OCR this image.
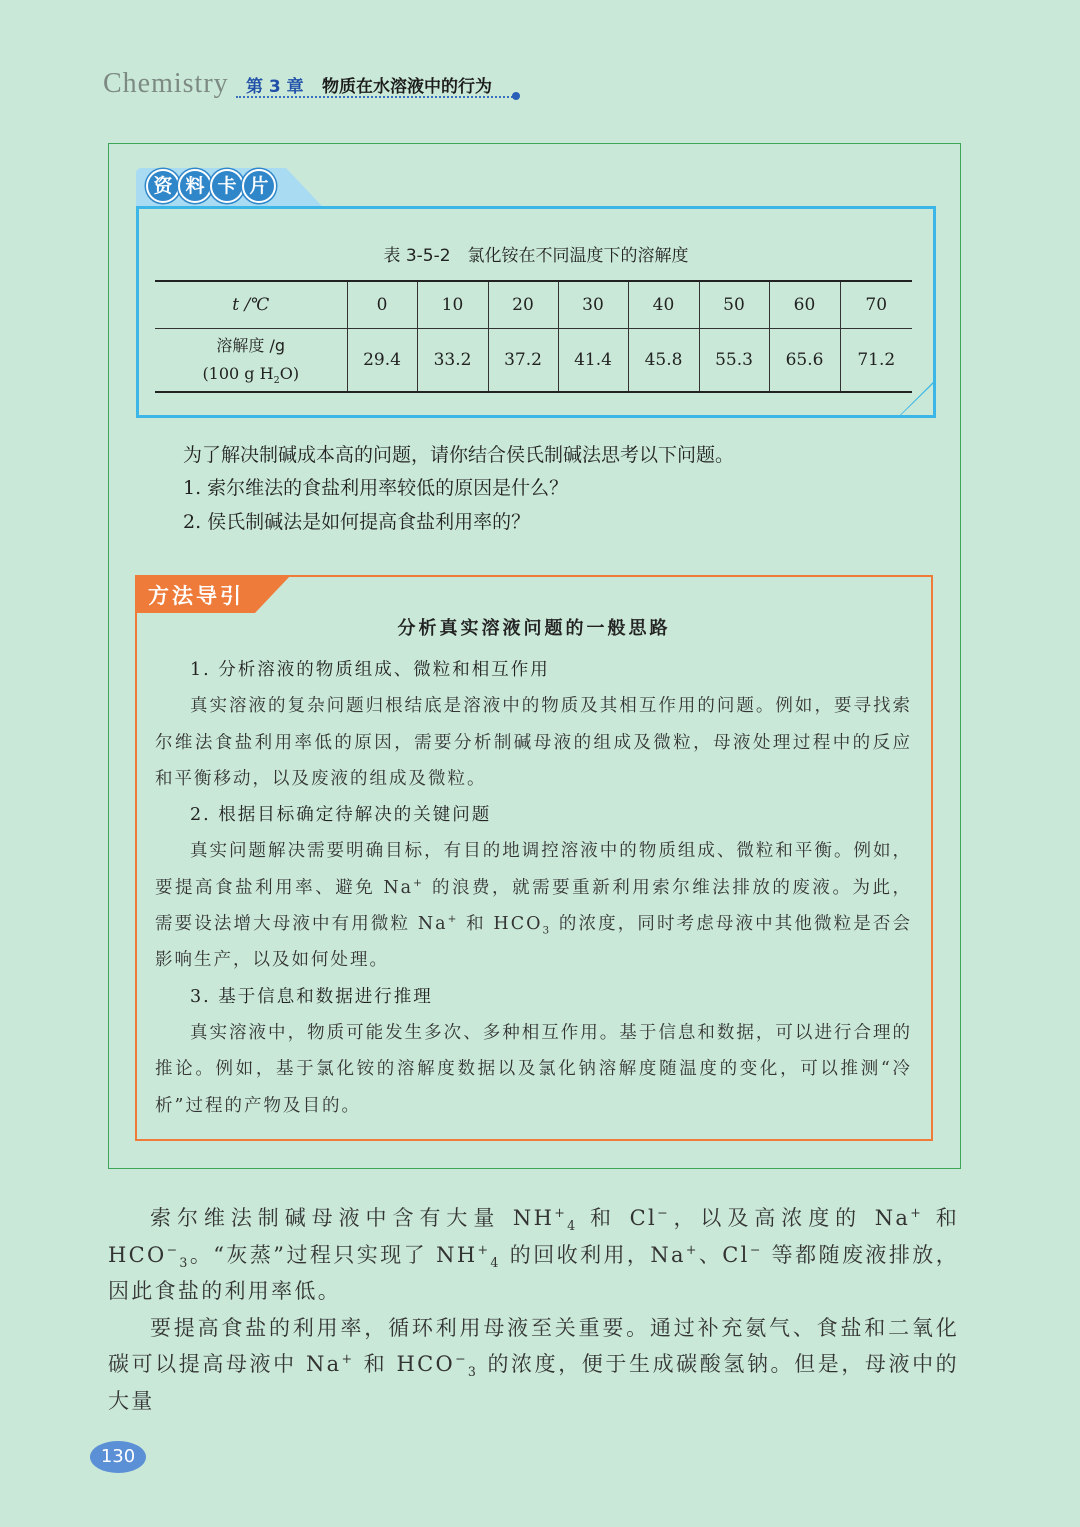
Chemistry 第 3 章 物质在水溶液中的行为
资 料 卡 片
表 3-5-2　氯化铵在不同温度下的溶解度
t /℃	0	10	20	30	40	50	60	70

溶解度 /g
(100 g $H_2O$)	29.4	33.2	37.2	41.4	45.8	55.3	65.6	71.2
为了解决制碱成本高的问题，请你结合侯氏制碱法思考以下问题。
1. 索尔维法的食盐利用率较低的原因是什么？
2. 侯氏制碱法是如何提高食盐利用率的？
方法导引
分析真实溶液问题的一般思路

1. 分析溶液的物质组成、微粒和相互作用

真实溶液的复杂问题归根结底是溶液中的物质及其相互作用的问题。例如，要寻找索尔维法食盐利用率低的原因，需要分析制碱母液的组成及微粒，母液处理过程中的反应和平衡移动，以及废液的组成及微粒。

2. 根据目标确定待解决的关键问题

真实问题解决需要明确目标，有目的地调控溶液中的物质组成、微粒和平衡。例如，要提高食盐利用率、避免 Na+ 的浪费，就需要重新利用索尔维法排放的废液。为此，需要设法增大母液中有用微粒 Na+ 和 $HCO_3$ 的浓度，同时考虑母液中其他微粒是否会影响生产，以及如何处理。

3. 基于信息和数据进行推理

真实溶液中，物质可能发生多次、多种相互作用。基于信息和数据，可以进行合理的推论。例如，基于氯化铵的溶解度数据以及氯化钠溶解度随温度的变化，可以推测“冷析”过程的产物及目的。

索尔维法制碱母液中含有大量 $NH^+_4$ 和 Cl−，以及高浓度的 Na+ 和 $HCO^-_3$。“灰蒸”过程只实现了 $NH^+_4$ 的回收利用，Na+、Cl− 等都随废液排放，因此食盐的利用率低。

要提高食盐的利用率，循环利用母液至关重要。通过补充氨气、食盐和二氧化碳可以提高母液中 Na+ 和 $HCO^-_3$ 的浓度，便于生成碳酸氢钠。但是，母液中的大量

130
